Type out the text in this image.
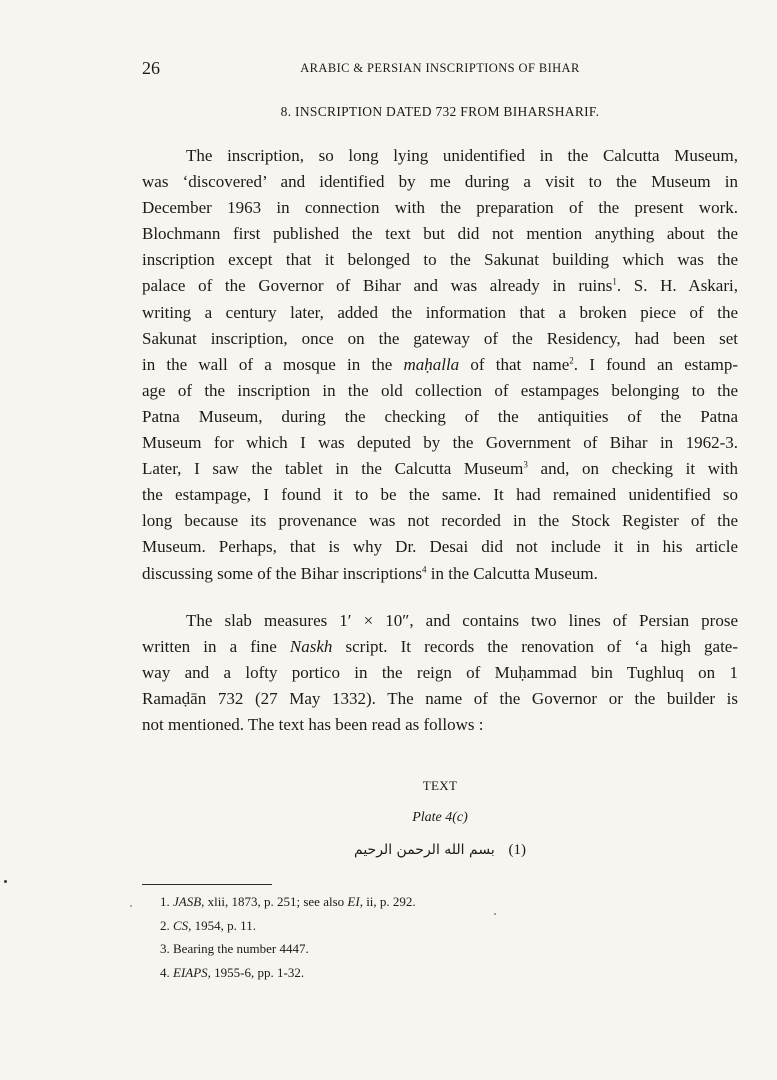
26	ARABIC & PERSIAN INSCRIPTIONS OF BIHAR
8. INSCRIPTION DATED 732 FROM BIHARSHARIF.
The inscription, so long lying unidentified in the Calcutta Museum,
was ‘discovered’ and identified by me during a visit to the Museum in
December 1963 in connection with the preparation of the present work.
Blochmann first published the text but did not mention anything about the
inscription except that it belonged to the Sakunat building which was the
palace of the Governor of Bihar and was already in ruins$^1$. S. H. Askari,
writing a century later, added the information that a broken piece of the
Sakunat inscription, once on the gateway of the Residency, had been set
in the wall of a mosque in the maḥalla of that name$^2$. I found an estamp-
age of the inscription in the old collection of estampages belonging to the
Patna Museum, during the checking of the antiquities of the Patna
Museum for which I was deputed by the Government of Bihar in 1962-3.
Later, I saw the tablet in the Calcutta Museum$^3$ and, on checking it with
the estampage, I found it to be the same. It had remained unidentified so
long because its provenance was not recorded in the Stock Register of the
Museum. Perhaps, that is why Dr. Desai did not include it in his article
discussing some of the Bihar inscriptions$^4$ in the Calcutta Museum.
The slab measures 1′ × 10″, and contains two lines of Persian prose
written in a fine Naskh script. It records the renovation of ‘a high gate-
way and a lofty portico in the reign of Muḥammad bin Tughluq on 1
Ramaḍān 732 (27 May 1332). The name of the Governor or the builder is
not mentioned. The text has been read as follows :
TEXT
Plate 4(c)
بسم الله الرحمن الرحيم (1)
1. JASB, xlii, 1873, p. 251; see also EI, ii, p. 292.
2. CS, 1954, p. 11.
3. Bearing the number 4447.
4. EIAPS, 1955-6, pp. 1-32.
